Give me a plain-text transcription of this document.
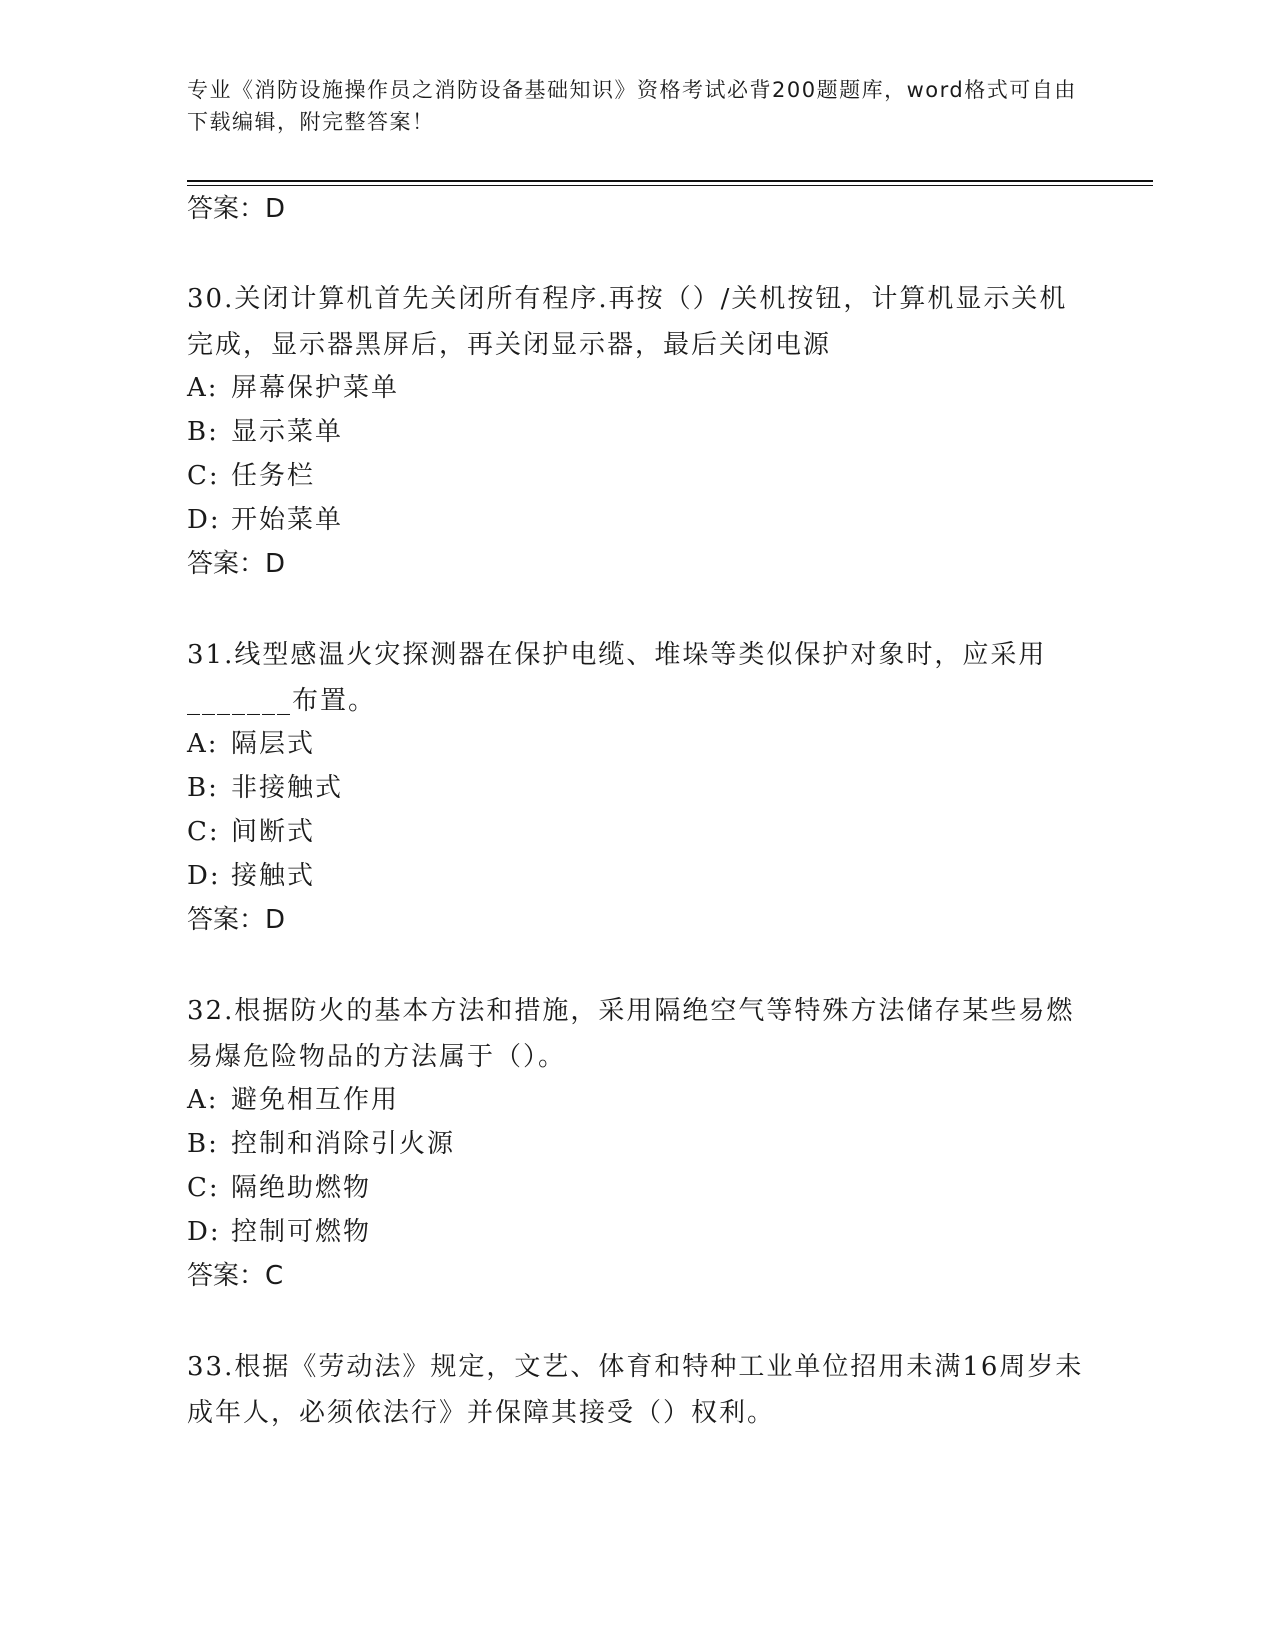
专业《消防设施操作员之消防设备基础知识》资格考试必背200题题库，word格式可自由下载编辑，附完整答案！

答案：D

30.关闭计算机首先关闭所有程序.再按（）/关机按钮，计算机显示关机完成，显示器黑屏后，再关闭显示器，最后关闭电源

A: 屏幕保护菜单

B: 显示菜单

C: 任务栏

D: 开始菜单

答案：D

31.线型感温火灾探测器在保护电缆、堆垛等类似保护对象时，应采用_______布置。

A: 隔层式

B: 非接触式

C: 间断式

D: 接触式

答案：D

32.根据防火的基本方法和措施，采用隔绝空气等特殊方法储存某些易燃易爆危险物品的方法属于（）。

A: 避免相互作用

B: 控制和消除引火源

C: 隔绝助燃物

D: 控制可燃物

答案：C

33.根据《劳动法》规定，文艺、体育和特种工业单位招用未满16周岁未成年人，必须依法行》并保障其接受（）权利。
